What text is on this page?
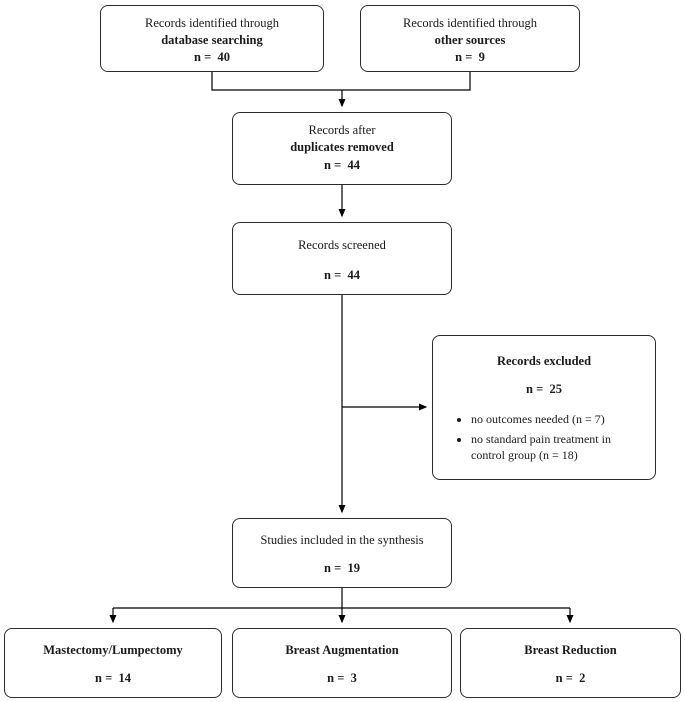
Records identified through
database searching
n =  40
Records identified through
other sources
n =  9
Records after
duplicates removed
n =  44
Records screened
n =  44
Records excluded
n =  25
• no outcomes needed (n = 7)
• no standard pain treatment in control group (n = 18)
Studies included in the synthesis
n =  19
Mastectomy/Lumpectomy
n =  14
Breast Augmentation
n =  3
Breast Reduction
n =  2
